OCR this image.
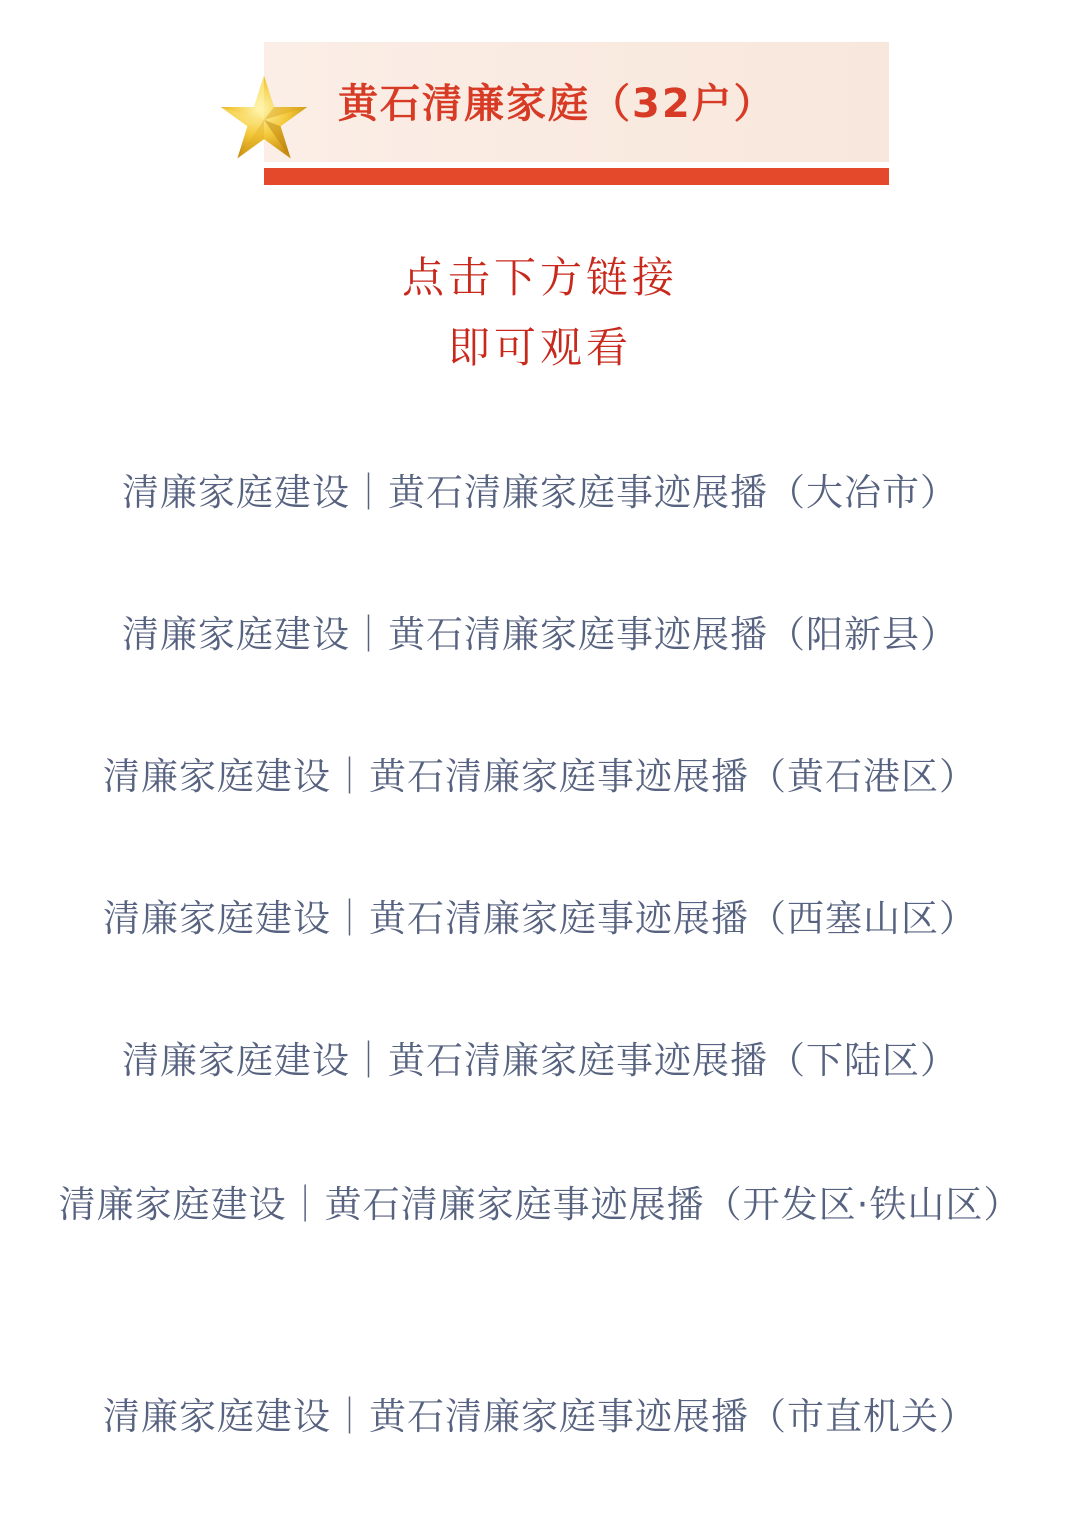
黄石清廉家庭（32户）
点击下方链接
即可观看
清廉家庭建设｜黄石清廉家庭事迹展播（大冶市）
清廉家庭建设｜黄石清廉家庭事迹展播（阳新县）
清廉家庭建设｜黄石清廉家庭事迹展播（黄石港区）
清廉家庭建设｜黄石清廉家庭事迹展播（西塞山区）
清廉家庭建设｜黄石清廉家庭事迹展播（下陆区）
清廉家庭建设｜黄石清廉家庭事迹展播（开发区·铁山区）
清廉家庭建设｜黄石清廉家庭事迹展播（市直机关）
